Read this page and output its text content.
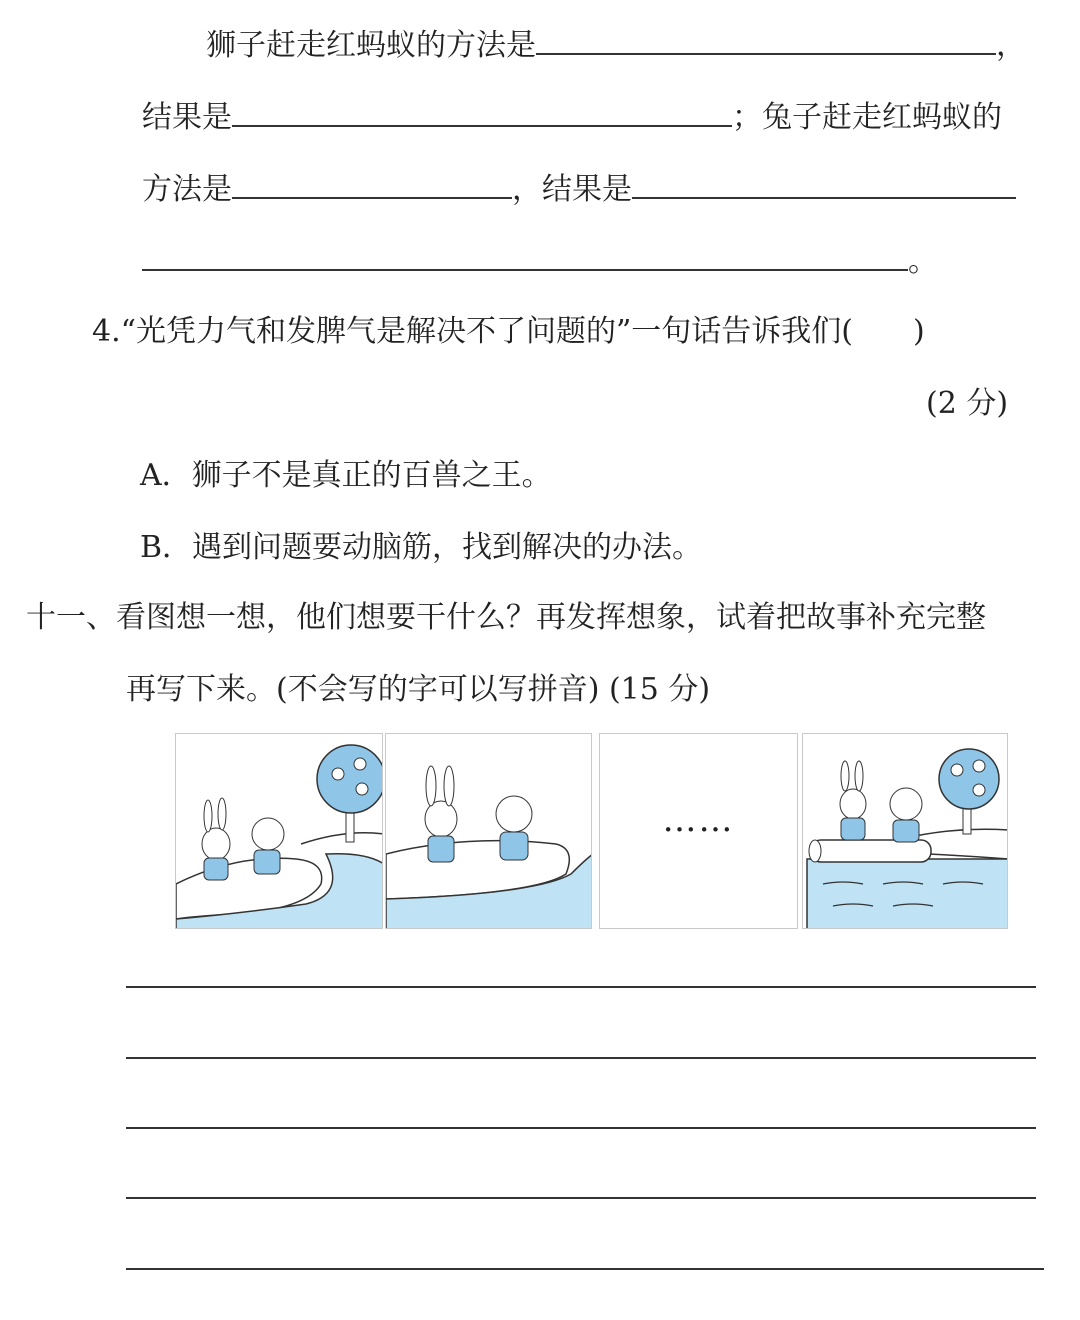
狮子赶走红蚂蚁的方法是	，
结果是	；兔子赶走红蚂蚁的
方法是	，结果是
。
4.“光凭力气和发脾气是解决不了问题的”一句话告诉我们(　　)
(2 分)
A．狮子不是真正的百兽之王。
B．遇到问题要动脑筋，找到解决的办法。
十一、看图想一想，他们想要干什么？再发挥想象，试着把故事补充完整
再写下来。(不会写的字可以写拼音) (15 分)
……
